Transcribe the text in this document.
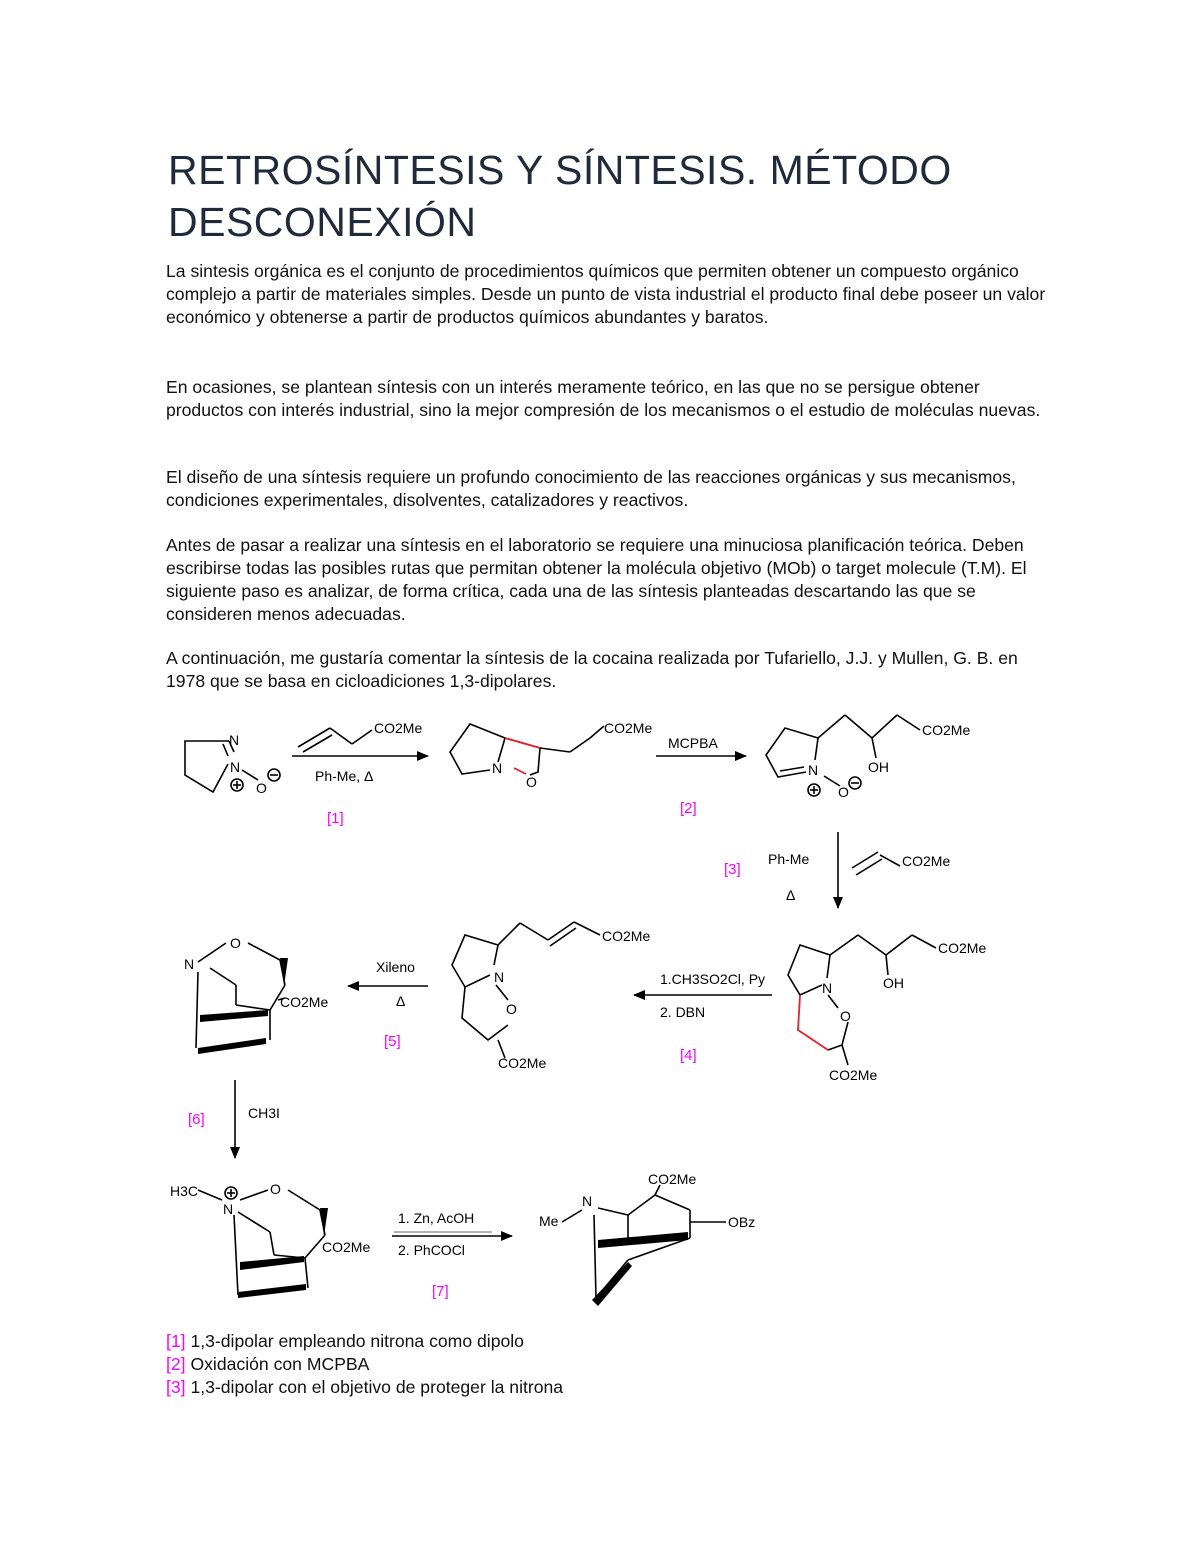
RETROSÍNTESIS Y SÍNTESIS. MÉTODO
DESCONEXIÓN

La sintesis orgánica es el conjunto de procedimientos químicos que permiten obtener un compuesto orgánico complejo a partir de materiales simples. Desde un punto de vista industrial el producto final debe poseer un valor económico y obtenerse a partir de productos químicos abundantes y baratos.

En ocasiones, se plantean síntesis con un interés meramente teórico, en las que no se persigue obtener productos con interés industrial, sino la mejor compresión de los mecanismos o el estudio de moléculas nuevas.

El diseño de una síntesis requiere un profundo conocimiento de las reacciones orgánicas y sus mecanismos, condiciones experimentales, disolventes, catalizadores y reactivos.

Antes de pasar a realizar una síntesis en el laboratorio se requiere una minuciosa planificación teórica. Deben escribirse todas las posibles rutas que permitan obtener la molécula objetivo (MOb) o target molecule (T.M). El siguiente paso es analizar, de forma crítica, cada una de las síntesis planteadas descartando las que se consideren menos adecuadas.

A continuación, me gustaría comentar la síntesis de la cocaina realizada por Tufariello, J.J. y Mullen, G. B. en 1978 que se basa en cicloadiciones 1,3-dipolares.

N
N
O
CO2Me
Ph-Me, Δ
[1]
N
O
CO2Me
MCPBA
[2]
N
O
OH
CO2Me
[3]
Ph-Me
Δ
CO2Me
N
O
OH
CO2Me
CO2Me
1.CH3SO2Cl, Py
2. DBN
[4]
N
O
CO2Me
CO2Me
Xileno
Δ
[5]
N
O
CO2Me
[6]	CH3I
H3C
N
O
CO2Me
1. Zn, AcOH
2. PhCOCl
[7]
Me
N
CO2Me
OBz
[1] 1,3-dipolar empleando nitrona como dipolo
[2] Oxidación con MCPBA
[3] 1,3-dipolar con el objetivo de proteger la nitrona
